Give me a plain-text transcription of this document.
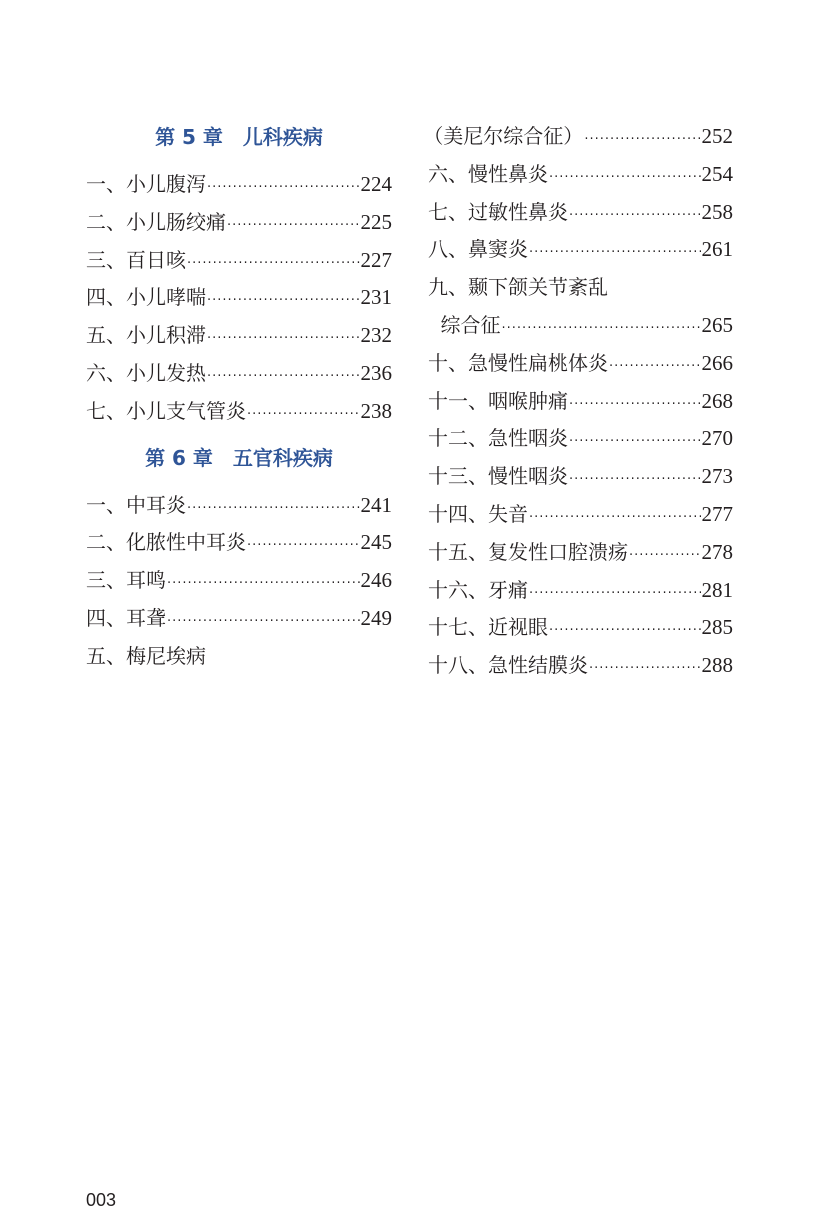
第 5 章　儿科疾病
一、 小儿腹泻 ·····	224
二、 小儿肠绞痛 ·····	225
三、 百日咳 ·····	227
四、 小儿哮喘 ·····	231
五、 小儿积滞 ·····	232
六、 小儿发热 ·····	236
七、 小儿支气管炎 ·····	238
第 6 章　五官科疾病
一、 中耳炎 ·····	241
二、 化脓性中耳炎 ·····	245
三、 耳鸣 ·····	246
四、 耳聋 ·····	249
五、 梅尼埃病
（美尼尔综合征） ·····	252
六、 慢性鼻炎 ·····	254
七、 过敏性鼻炎 ·····	258
八、 鼻窦炎 ·····	261
九、 颞下颌关节紊乱
综合征 ·····	265
十、 急慢性扁桃体炎 ·····	266
十一、 咽喉肿痛 ·····	268
十二、 急性咽炎 ·····	270
十三、 慢性咽炎 ·····	273
十四、 失音 ·····	277
十五、 复发性口腔溃疡 ·····	278
十六、 牙痛 ·····	281
十七、 近视眼 ·····	285
十八、 急性结膜炎 ·····	288
003
